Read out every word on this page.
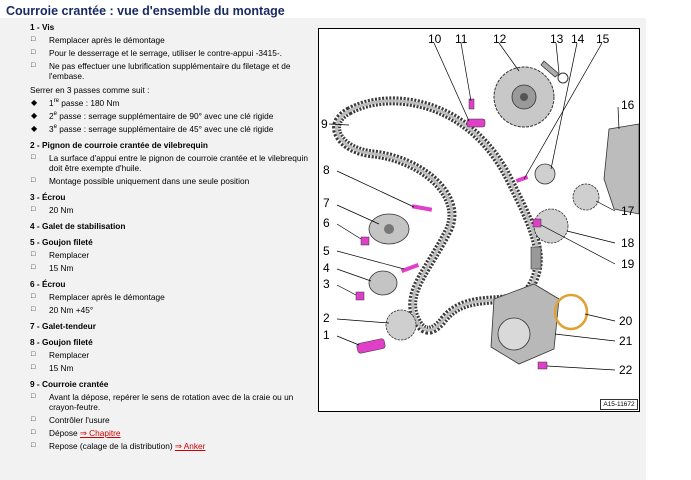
Courroie crantée : vue d'ensemble du montage
1 - Vis
□
Remplacer après le démontage
□
Pour le desserrage et le serrage, utiliser le contre-appui -3415-.
□
Ne pas effectuer une lubrification supplémentaire du filetage et de l'embase.
Serrer en 3 passes comme suit :
◆
1re passe : 180 Nm
◆
2e passe : serrage supplémentaire de 90° avec une clé rigide
◆
3e passe : serrage supplémentaire de 45° avec une clé rigide
2 - Pignon de courroie crantée de vilebrequin
□
La surface d'appui entre le pignon de courroie crantée et le vilebrequin doit être exempte d'huile.
□
Montage possible uniquement dans une seule position
3 - Écrou
□
20 Nm
4 - Galet de stabilisation
5 - Goujon fileté
□
Remplacer
□
15 Nm
6 - Écrou
□
Remplacer après le démontage
□
20 Nm +45°
7 - Galet-tendeur
8 - Goujon fileté
□
Remplacer
□
15 Nm
9 - Courroie crantée
□
Avant la dépose, repérer le sens de rotation avec de la craie ou un crayon-feutre.
□
Contrôler l'usure
□
Dépose ⇒ Chapitre
□
Repose (calage de la distribution) ⇒ Anker
10 11 12	13 14 15
16
9
8
7
6
5
4
3
2
1
17
18
19
20
21
22
A15-11672
